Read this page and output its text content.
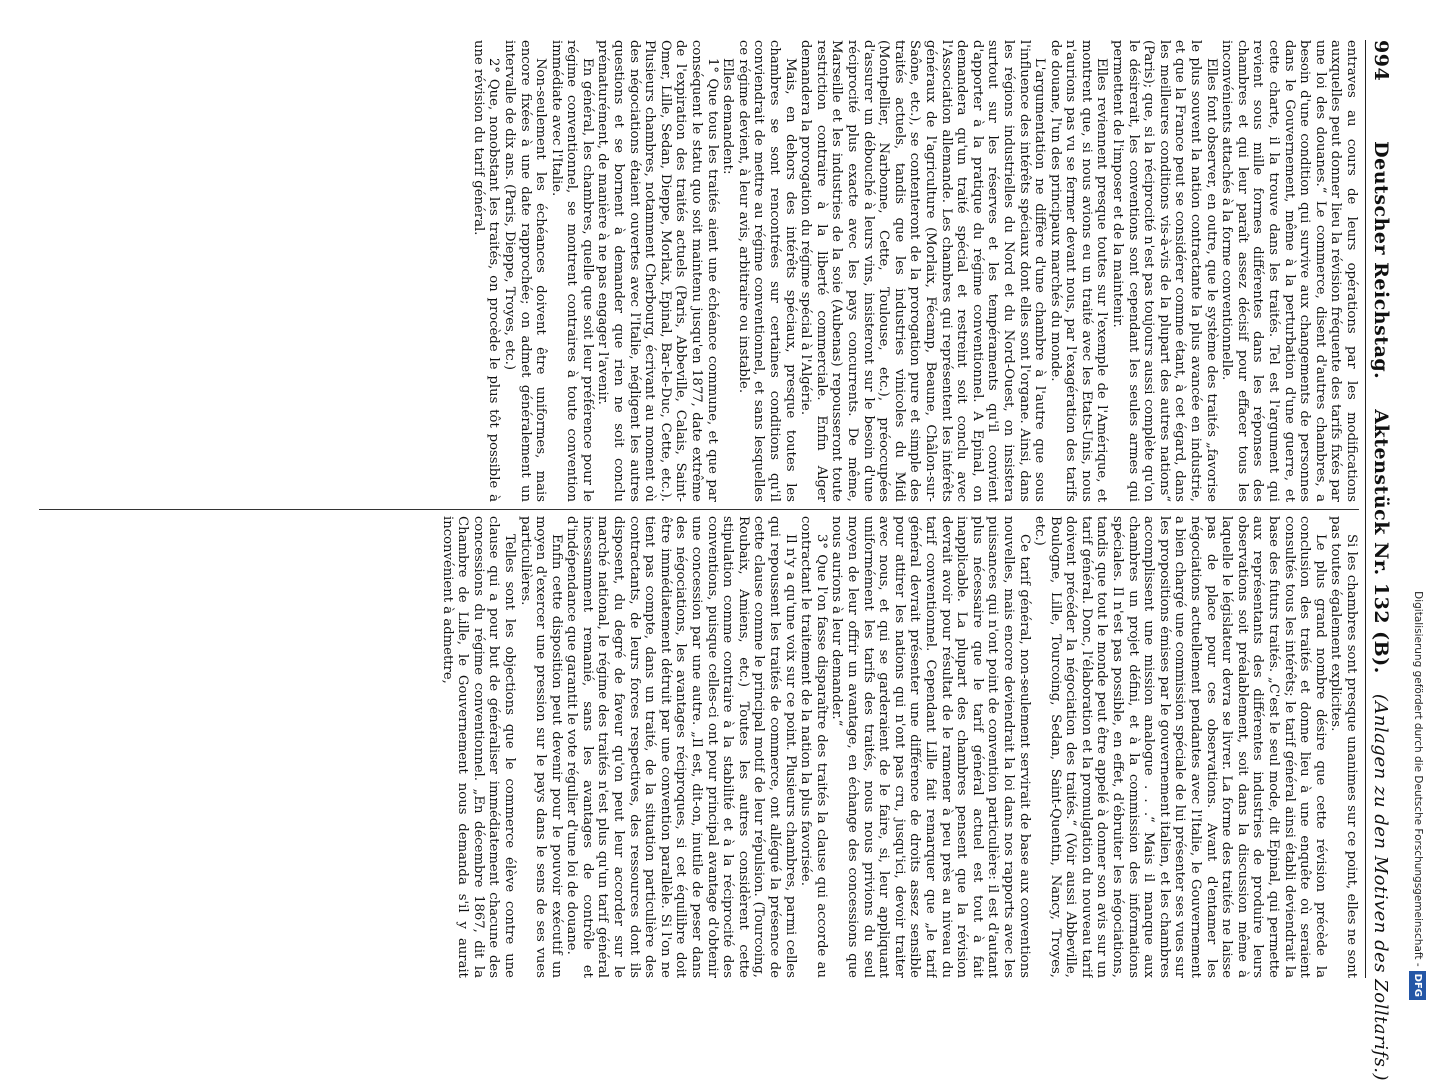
994
Deutscher Reichstag.
Aktenstück Nr. 132 (B).
(Anlagen zu den Motiven des Zolltarifs.)

entraves au cours de leurs opérations par les modifications auxquelles peut donner lieu la révision fréquente des tarifs fixés par une loi des douanes.“ Le commerce, disent d'autres chambres, a besoin d'une condition qui survive aux changements de personnes dans le Gouvernement, même à la perturbation d'une guerre, et cette charte, il la trouve dans les traités. Tel est l'argument qui revient sous mille formes différentes dans les réponses des chambres et qui leur paraît assez décisif pour effacer tous les inconvénients attachés à la forme conventionnelle.

Elles font observer, en outre, que le système des traités „favorise le plus souvent la nation contractante la plus avancée en industrie, et que la France peut se considérer comme étant, à cet égard, dans les meilleures conditions vis-à-vis de la plupart des autres nations“ (Paris); que, si la réciprocité n'est pas toujours aussi complète qu'on le désirerait, les conventions sont cependant les seules armes qui permettent de l'imposer et de la maintenir.

Elles reviennent presque toutes sur l'exemple de l'Amérique, et montrent que, si nous avions eu un traité avec les Etats-Unis, nous n'aurions pas vu se fermer devant nous, par l'exagération des tarifs de douane, l'un des principaux marchés du monde.

L'argumentation ne diffère d'une chambre à l'autre que sous l'influence des intérêts spéciaux dont elles sont l'organe. Ainsi, dans les régions industrielles du Nord et du Nord-Ouest, on insistera surtout sur les réserves et les tempéraments qu'il convient d'apporter à la pratique du régime conventionnel. A Epinal, on demandera qu'un traité spécial et restreint soit conclu avec l'Association allemande. Les chambres qui représentent les intérêts généraux de l'agriculture (Morlaix, Fécamp, Beaune, Châlon-sur-Saône, etc.), se contenteront de la prorogation pure et simple des traités actuels, tandis que les industries vinicoles du Midi (Montpellier, Narbonne, Cette, Toulouse, etc.), préoccupées d'assurer un débouché à leurs vins, insisteront sur le besoin d'une réciprocité plus exacte avec les pays concurrents. De même, Marseille et les industries de la soie (Aubenas) repousseront toute restriction contraire à la liberté commerciale. Enfin Alger demandera la prorogation du régime spécial à l'Algérie.

Mais, en dehors des intérêts spéciaux, presque toutes les chambres se sont rencontrées sur certaines conditions qu'il conviendrait de mettre au régime conventionnel, et sans lesquelles ce régime devient, à leur avis, arbitraire ou instable.

Elles demandent:

1° Que tous les traités aient une échéance commune, et que par conséquent le statu quo soit maintenu jusqu'en 1877, date extrême de l'expiration des traités actuels (Paris, Abbeville, Calais, Saint-Omer, Lille, Sedan, Dieppe, Morlaix, Epinal, Bar-le-Duc, Cette, etc.). Plusieurs chambres, notamment Cherbourg, écrivant au moment où des négociations étaient ouvertes avec l'Italie, négligent les autres questions et se bornent à demander que rien ne soit conclu prématurément, de manière à ne pas engager l'avenir.

En général, les chambres, quelle que soit leur préférence pour le régime conventionnel, se montrent contraires à toute convention immédiate avec l'Italie.

Non-seulement les échéances doivent être uniformes, mais encore fixées à une date rapprochée; on admet généralement un intervalle de dix ans. (Paris, Dieppe, Troyes, etc.)

2° Que, nonobstant les traités, on procède le plus tôt possible à une révision du tarif général.

Si les chambres sont presque unanimes sur ce point, elles ne sont pas toutes également explicites.

Le plus grand nombre désire que cette révision précède la conclusion des traités et donne lieu à une enquête où seraient consultés tous les intérêts; le tarif général ainsi établi deviendrait la base des futurs traités. „C'est le seul mode, dit Epinal, qui permette aux représentants des différentes industries de produire leurs observations soit préalablement, soit dans la discussion même à laquelle le législateur devra se livrer. La forme des traités ne laisse pas de place pour ces observations. Avant d'entamer les négociations actuellement pendantes avec l'Italie, le Gouvernement a bien chargé une commission spéciale de lui présenter ses vues sur les propositions émises par le gouvernement italien, et les chambres accomplissent une mission analogue . . .“ Mais il manque aux chambres un projet défini, et à la commission des informations spéciales. Il n'est pas possible, en effet, d'ébruiter les négociations, tandis que tout le monde peut être appelé à donner son avis sur un tarif général. Donc, l'élaboration et la promulgation du nouveau tarif doivent précéder la négociation des traités.“ (Voir aussi Abbeville, Boulogne, Lille, Tourcoing, Sedan, Saint-Quentin, Nancy, Troyes, etc.)

Ce tarif général, non-seulement servirait de base aux conventions nouvelles, mais encore deviendrait la loi dans nos rapports avec les puissances qui n'ont point de convention particulière: il est d'autant plus nécessaire que le tarif général actuel est tout à fait inapplicable. La plupart des chambres pensent que la révision devrait avoir pour résultat de le ramener à peu près au niveau du tarif conventionnel. Cependant Lille fait remarquer que „le tarif général devrait présenter une différence de droits assez sensible pour attirer les nations qui n'ont pas cru, jusqu'ici, devoir traiter avec nous, et qui se garderaient de le faire, si, leur appliquant uniformément les tarifs des traités, nous nous privions du seul moyen de leur offrir un avantage, en échange des concessions que nous aurions à leur demander.“

3° Que l'on fasse disparaître des traités la clause qui accorde au contractant le traitement de la nation la plus favorisée.

Il n'y a qu'une voix sur ce point. Plusieurs chambres, parmi celles qui repoussent les traités de commerce, ont allégué la présence de cette clause comme le principal motif de leur répulsion. (Tourcoing, Roubaix, Amiens, etc.) Toutes les autres considèrent cette stipulation comme contraire à la stabilité et à la réciprocité des conventions, puisque celles-ci ont pour principal avantage d'obtenir une concession par une autre. „Il est, dit-on, inutile de peser dans des négociations, les avantages réciproques, si cet équilibre doit être immédiatement détruit par une convention parallèle. Si l'on ne tient pas compte, dans un traité, de la situation particulière des contractants, de leurs forces respectives, des ressources dont ils disposent, du degré de faveur qu'on peut leur accorder sur le marché national, le régime des traités n'est plus qu'un tarif général incessamment remanié, sans les avantages de contrôle et d'indépendance que garantit le vote régulier d'une loi de douane.

Enfin cette disposition peut devenir pour le pouvoir exécutif un moyen d'exercer une pression sur le pays dans le sens de ses vues particulières.

Telles sont les objections que le commerce élève contre une clause qui a pour but de généraliser immédiatement chacune des concessions du régime conventionnel. „En décembre 1867, dit la Chambre de Lille, le Gouvernement nous demanda s'il y aurait inconvénient à admettre,	Digitalisierung gefördert durch die Deutsche Forschungsgemeinschaft -DFG
